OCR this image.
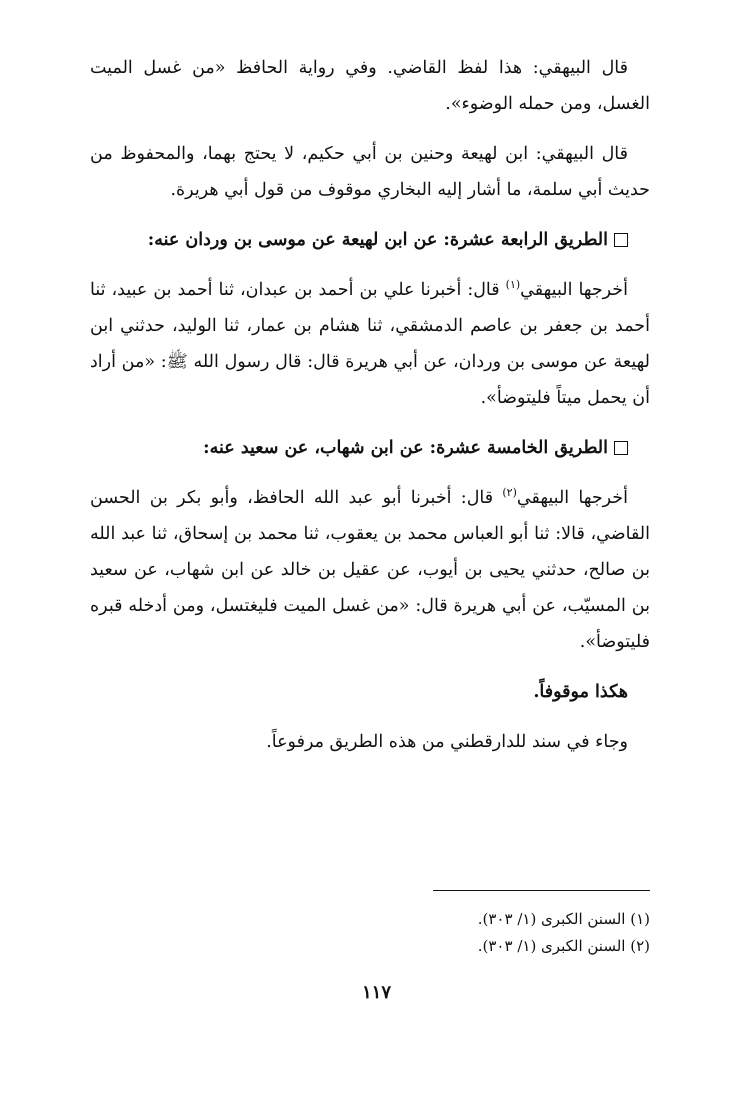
قال البيهقي: هذا لفظ القاضي. وفي رواية الحافظ «من غسل الميت الغسل، ومن حمله الوضوء».

قال البيهقي: ابن لهيعة وحنين بن أبي حكيم، لا يحتج بهما، والمحفوظ من حديث أبي سلمة، ما أشار إليه البخاري موقوف من قول أبي هريرة.

الطريق الرابعة عشرة: عن ابن لهيعة عن موسى بن وردان عنه:

أخرجها البيهقي$^{(١)}$ قال: أخبرنا علي بن أحمد بن عبدان، ثنا أحمد بن عبيد، ثنا أحمد بن جعفر بن عاصم الدمشقي، ثنا هشام بن عمار، ثنا الوليد، حدثني ابن لهيعة عن موسى بن وردان، عن أبي هريرة قال: قال رسول الله ﷺ: «من أراد أن يحمل ميتاً فليتوضأ».

الطريق الخامسة عشرة: عن ابن شهاب، عن سعيد عنه:

أخرجها البيهقي$^{(٢)}$ قال: أخبرنا أبو عبد الله الحافظ، وأبو بكر بن الحسن القاضي، قالا: ثنا أبو العباس محمد بن يعقوب، ثنا محمد بن إسحاق، ثنا عبد الله بن صالح، حدثني يحيى بن أيوب، عن عقيل بن خالد عن ابن شهاب، عن سعيد بن المسيّب، عن أبي هريرة قال: «من غسل الميت فليغتسل، ومن أدخله قبره فليتوضأ».

هكذا موقوفاً.

وجاء في سند للدارقطني من هذه الطريق مرفوعاً.

(١) السنن الكبرى (١/ ٣٠٣).
(٢) السنن الكبرى (١/ ٣٠٣).
١١٧
